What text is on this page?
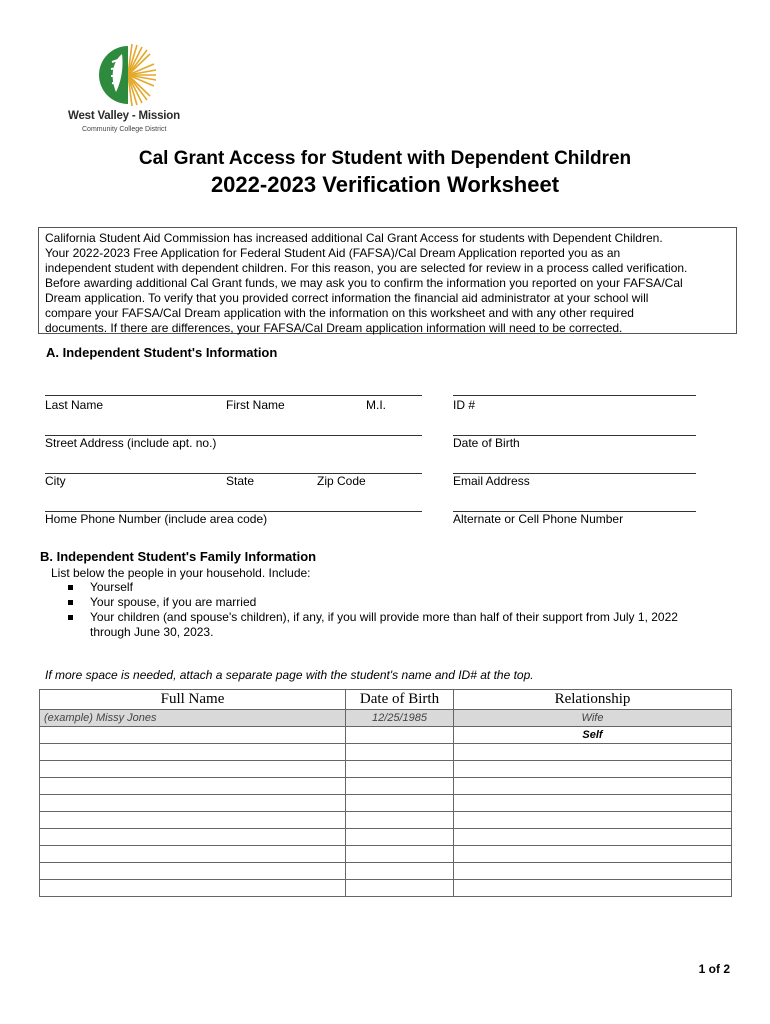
West Valley - Mission
Community College District
Cal Grant Access for Student with Dependent Children
2022-2023 Verification Worksheet

California Student Aid Commission has increased additional Cal Grant Access for students with Dependent Children.

Your 2022-2023 Free Application for Federal Student Aid (FAFSA)/Cal Dream Application reported you as an

independent student with dependent children. For this reason, you are selected for review in a process called verification.

Before awarding additional Cal Grant funds, we may ask you to confirm the information you reported on your FAFSA/Cal

Dream application. To verify that you provided correct information the financial aid administrator at your school will

compare your FAFSA/Cal Dream application with the information on this worksheet and with any other required

documents. If there are differences, your FAFSA/Cal Dream application information will need to be corrected.

A. Independent Student's Information
Last Name	First Name	M.I.	ID #
Street Address (include apt. no.)	Date of Birth
City	State	Zip Code	Email Address
Home Phone Number (include area code)	Alternate or Cell Phone Number
B. Independent Student's Family Information
List below the people in your household. Include:
Yourself
Your spouse, if you are married
Your children (and spouse's children), if any, if you will provide more than half of their support from July 1, 2022
through June 30, 2023.
If more space is needed, attach a separate page with the student's name and ID# at the top.
Full Name	Date of Birth	Relationship
(example) Missy Jones	12/25/1985	Wife
		Self

1 of 2
